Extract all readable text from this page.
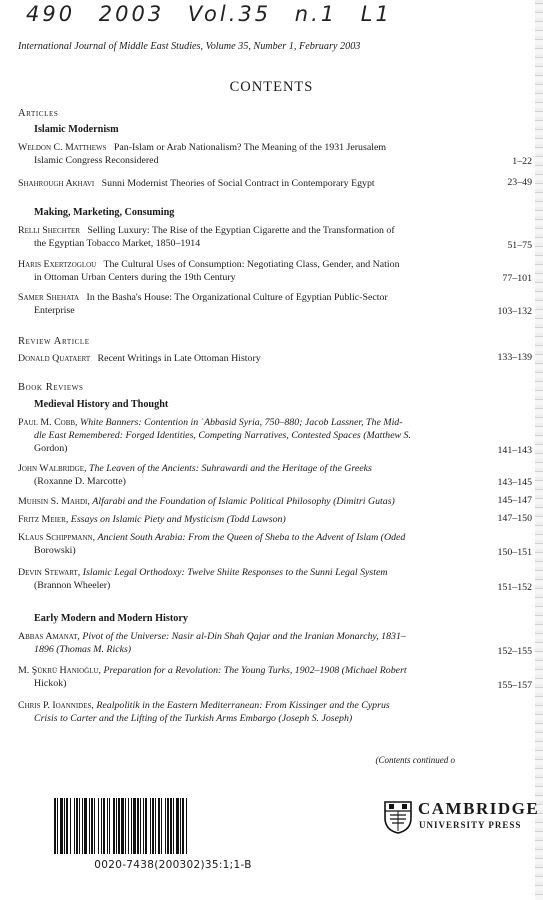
490 2003 Vol.35 n.1 L1
International Journal of Middle East Studies, Volume 35, Number 1, February 2003
CONTENTS
Articles
Islamic Modernism
Weldon C. Matthews Pan-Islam or Arab Nationalism? The Meaning of the 1931 Jerusalem
Islamic Congress Reconsidered	1–22
Shahrough Akhavi Sunni Modernist Theories of Social Contract in Contemporary Egypt	23–49
Making, Marketing, Consuming
Relli Shechter Selling Luxury: The Rise of the Egyptian Cigarette and the Transformation of
the Egyptian Tobacco Market, 1850–1914	51–75
Haris Exertzoglou The Cultural Uses of Consumption: Negotiating Class, Gender, and Nation
in Ottoman Urban Centers during the 19th Century	77–101
Samer Shehata In the Basha's House: The Organizational Culture of Egyptian Public-Sector
Enterprise	103–132
Review Article
Donald Quataert Recent Writings in Late Ottoman History	133–139
Book Reviews
Medieval History and Thought
Paul M. Cobb, White Banners: Contention in ʿAbbasid Syria, 750–880; Jacob Lassner, The Mid-
dle East Remembered: Forged Identities, Competing Narratives, Contested Spaces (Matthew S.
Gordon)	141–143
John Walbridge, The Leaven of the Ancients: Suhrawardi and the Heritage of the Greeks
(Roxanne D. Marcotte)	143–145
Muhsin S. Mahdi, Alfarabi and the Foundation of Islamic Political Philosophy (Dimitri Gutas)	145–147
Fritz Meier, Essays on Islamic Piety and Mysticism (Todd Lawson)	147–150
Klaus Schippmann, Ancient South Arabia: From the Queen of Sheba to the Advent of Islam (Oded
Borowski)	150–151
Devin Stewart, Islamic Legal Orthodoxy: Twelve Shiite Responses to the Sunni Legal System
(Brannon Wheeler)	151–152
Early Modern and Modern History
Abbas Amanat, Pivot of the Universe: Nasir al-Din Shah Qajar and the Iranian Monarchy, 1831–
1896 (Thomas M. Ricks)	152–155
M. Şükrü Hanioğlu, Preparation for a Revolution: The Young Turks, 1902–1908 (Michael Robert
Hickok)	155–157
Chris P. Ioannides, Realpolitik in the Eastern Mediterranean: From Kissinger and the Cyprus
Crisis to Carter and the Lifting of the Turkish Arms Embargo (Joseph S. Joseph)
(Contents continued o
0020-7438(200302)35:1;1-B
CAMBRIDGE
UNIVERSITY PRESS
